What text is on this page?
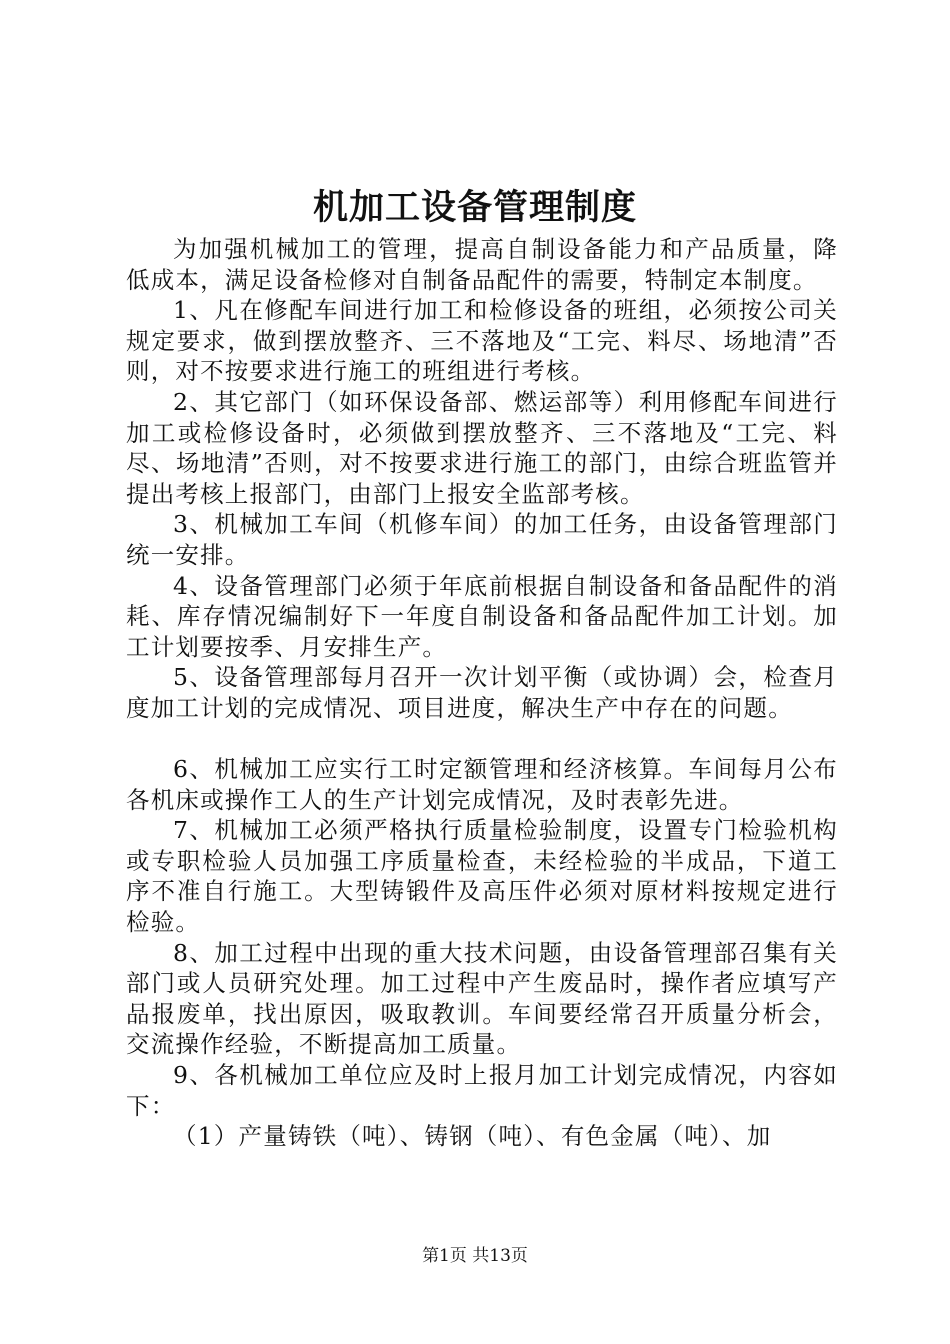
机加工设备管理制度

为加强机械加工的管理，提高自制设备能力和产品质量，降低成本，满足设备检修对自制备品配件的需要，特制定本制度。

1、凡在修配车间进行加工和检修设备的班组，必须按公司关规定要求，做到摆放整齐、三不落地及“工完、料尽、场地清”否则，对不按要求进行施工的班组进行考核。

2、其它部门（如环保设备部、燃运部等）利用修配车间进行加工或检修设备时，必须做到摆放整齐、三不落地及“工完、料尽、场地清”否则，对不按要求进行施工的部门，由综合班监管并提出考核上报部门，由部门上报安全监部考核。

3、机械加工车间（机修车间）的加工任务，由设备管理部门统一安排。

4、设备管理部门必须于年底前根据自制设备和备品配件的消耗、库存情况编制好下一年度自制设备和备品配件加工计划。加工计划要按季、月安排生产。

5、设备管理部每月召开一次计划平衡（或协调）会，检查月度加工计划的完成情况、项目进度，解决生产中存在的问题。

6、机械加工应实行工时定额管理和经济核算。车间每月公布各机床或操作工人的生产计划完成情况，及时表彰先进。

7、机械加工必须严格执行质量检验制度，设置专门检验机构或专职检验人员加强工序质量检查，未经检验的半成品，下道工序不准自行施工。大型铸锻件及高压件必须对原材料按规定进行检验。

8、加工过程中出现的重大技术问题，由设备管理部召集有关部门或人员研究处理。加工过程中产生废品时，操作者应填写产品报废单，找出原因，吸取教训。车间要经常召开质量分析会，交流操作经验，不断提高加工质量。

9、各机械加工单位应及时上报月加工计划完成情况，内容如下：

（1）产量铸铁（吨）、铸钢（吨）、有色金属（吨）、加

第1页 共13页
